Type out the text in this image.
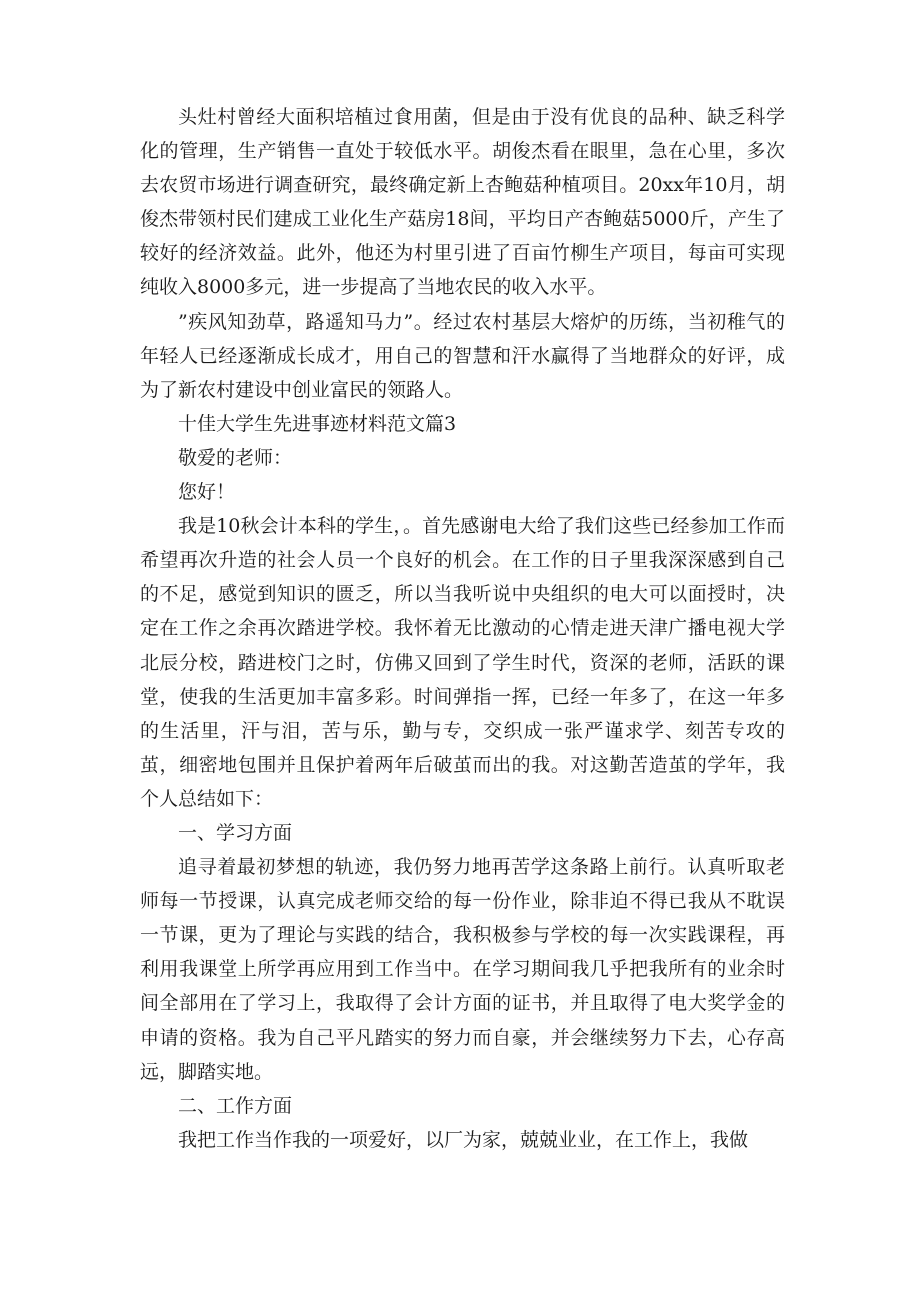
头灶村曾经大面积培植过食用菌，但是由于没有优良的品种、缺乏科学化的管理，生产销售一直处于较低水平。胡俊杰看在眼里，急在心里，多次去农贸市场进行调查研究，最终确定新上杏鲍菇种植项目。20xx年10月，胡俊杰带领村民们建成工业化生产菇房18间，平均日产杏鲍菇5000斤，产生了较好的经济效益。此外，他还为村里引进了百亩竹柳生产项目，每亩可实现纯收入8000多元，进一步提高了当地农民的收入水平。

”疾风知劲草，路遥知马力”。经过农村基层大熔炉的历练，当初稚气的年轻人已经逐渐成长成才，用自己的智慧和汗水赢得了当地群众的好评，成为了新农村建设中创业富民的领路人。

十佳大学生先进事迹材料范文篇3

敬爱的老师：

您好！

我是10秋会计本科的学生，。首先感谢电大给了我们这些已经参加工作而希望再次升造的社会人员一个良好的机会。在工作的日子里我深深感到自己的不足，感觉到知识的匮乏，所以当我听说中央组织的电大可以面授时，决定在工作之余再次踏进学校。我怀着无比激动的心情走进天津广播电视大学北辰分校，踏进校门之时，仿佛又回到了学生时代，资深的老师，活跃的课堂，使我的生活更加丰富多彩。时间弹指一挥，已经一年多了，在这一年多的生活里，汗与泪，苦与乐，勤与专，交织成一张严谨求学、刻苦专攻的茧，细密地包围并且保护着两年后破茧而出的我。对这勤苦造茧的学年，我个人总结如下：

一、学习方面

追寻着最初梦想的轨迹，我仍努力地再苦学这条路上前行。认真听取老师每一节授课，认真完成老师交给的每一份作业，除非迫不得已我从不耽误一节课，更为了理论与实践的结合，我积极参与学校的每一次实践课程，再利用我课堂上所学再应用到工作当中。在学习期间我几乎把我所有的业余时间全部用在了学习上，我取得了会计方面的证书，并且取得了电大奖学金的申请的资格。我为自己平凡踏实的努力而自豪，并会继续努力下去，心存高远，脚踏实地。

二、工作方面

我把工作当作我的一项爱好，以厂为家，兢兢业业，在工作上，我做
